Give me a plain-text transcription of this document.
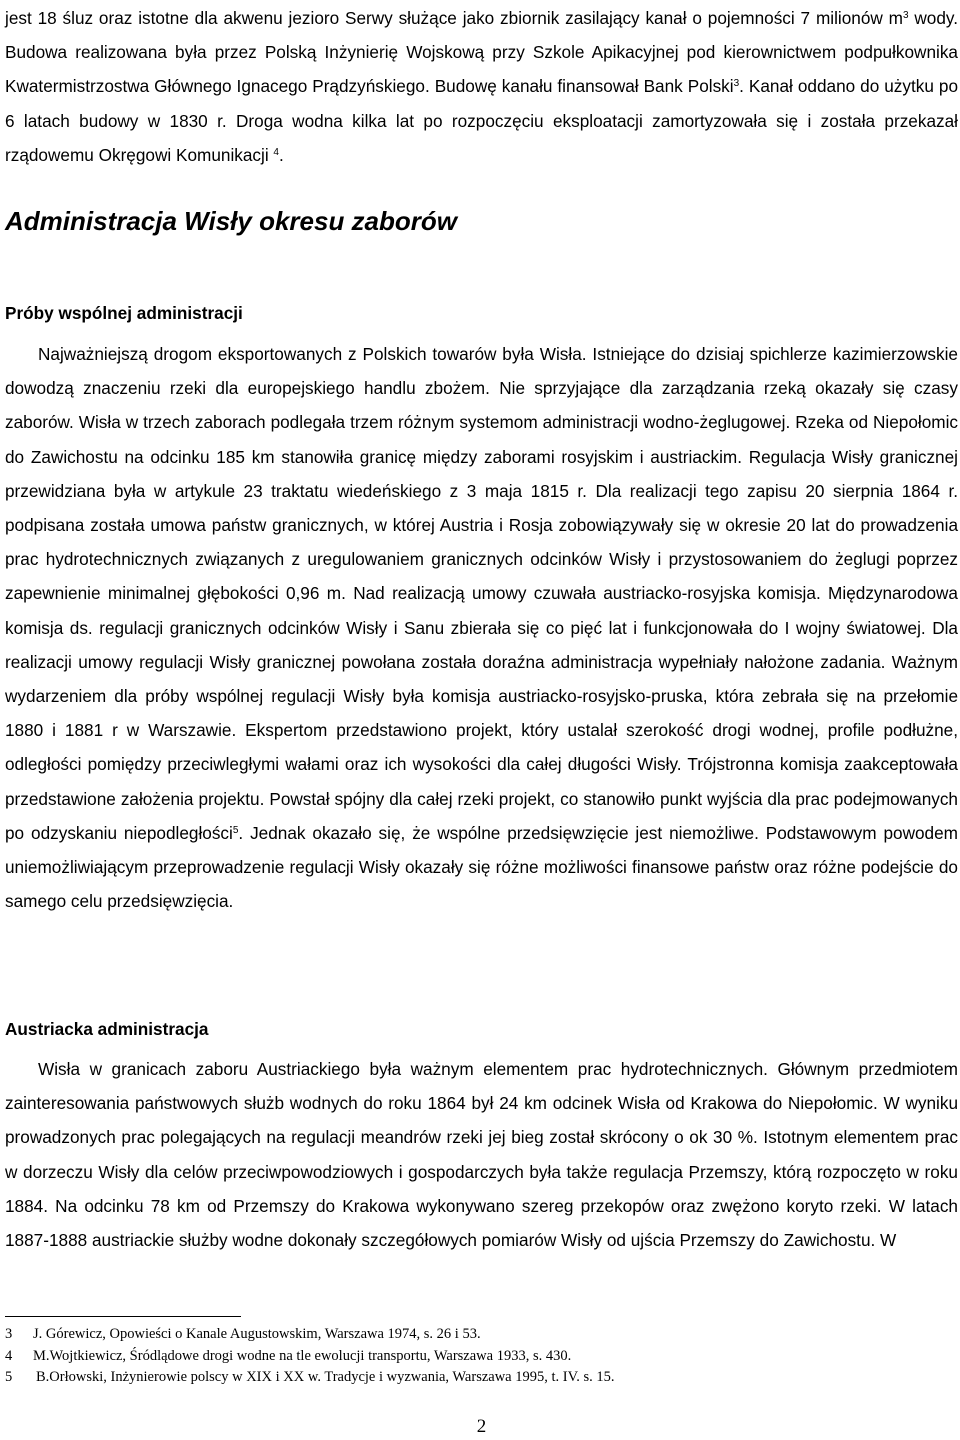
jest 18 śluz oraz istotne dla akwenu jezioro Serwy służące jako zbiornik zasilający kanał o pojemności 7 milionów $m^3$ wody. Budowa realizowana była przez Polską Inżynierię Wojskową przy Szkole Apikacyjnej pod kierownictwem podpułkownika Kwatermistrzostwa Głównego Ignacego Prądzyńskiego. Budowę kanału finansował Bank Polski$^3$. Kanał oddano do użytku po 6 latach budowy w 1830 r. Droga wodna kilka lat po rozpoczęciu eksploatacji zamortyzowała się i została przekazał rządowemu Okręgowi Komunikacji $^4$.

Administracja Wisły okresu zaborów
Próby wspólnej administracji

Najważniejszą drogom eksportowanych z Polskich towarów była Wisła. Istniejące do dzisiaj spichlerze kazimierzowskie dowodzą znaczeniu rzeki dla europejskiego handlu zbożem. Nie sprzyjające dla zarządzania rzeką okazały się czasy zaborów. Wisła w trzech zaborach podlegała trzem różnym systemom administracji wodno-żeglugowej. Rzeka od Niepołomic do Zawichostu na odcinku 185 km stanowiła granicę między zaborami rosyjskim i austriackim. Regulacja Wisły granicznej przewidziana była w artykule 23 traktatu wiedeńskiego z 3 maja 1815 r. Dla realizacji tego zapisu 20 sierpnia 1864 r. podpisana została umowa państw granicznych, w której Austria i Rosja zobowiązywały się w okresie 20 lat do prowadzenia prac hydrotechnicznych związanych z uregulowaniem granicznych odcinków Wisły i przystosowaniem do żeglugi poprzez zapewnienie minimalnej głębokości 0,96 m. Nad realizacją umowy czuwała austriacko-rosyjska komisja. Międzynarodowa komisja ds. regulacji granicznych odcinków Wisły i Sanu zbierała się co pięć lat i funkcjonowała do I wojny światowej. Dla realizacji umowy regulacji Wisły granicznej powołana została doraźna administracja wypełniały nałożone zadania. Ważnym wydarzeniem dla próby wspólnej regulacji Wisły była komisja austriacko-rosyjsko-pruska, która zebrała się na przełomie 1880 i 1881 r w Warszawie. Ekspertom przedstawiono projekt, który ustalał szerokość drogi wodnej, profile podłużne, odległości pomiędzy przeciwległymi wałami oraz ich wysokości dla całej długości Wisły. Trójstronna komisja zaakceptowała przedstawione założenia projektu. Powstał spójny dla całej rzeki projekt, co stanowiło punkt wyjścia dla prac podejmowanych po odzyskaniu niepodległości$^5$. Jednak okazało się, że wspólne przedsięwzięcie jest niemożliwe. Podstawowym powodem uniemożliwiającym przeprowadzenie regulacji Wisły okazały się różne możliwości finansowe państw oraz różne podejście do samego celu przedsięwzięcia.

Austriacka administracja

Wisła w granicach zaboru Austriackiego była ważnym elementem prac hydrotechnicznych. Głównym przedmiotem zainteresowania państwowych służb wodnych do roku 1864 był 24 km odcinek Wisła od Krakowa do Niepołomic. W wyniku prowadzonych prac polegających na regulacji meandrów rzeki jej bieg został skrócony o ok 30 %. Istotnym elementem prac w dorzeczu Wisły dla celów przeciwpowodziowych i gospodarczych była także regulacja Przemszy, którą rozpoczęto w roku 1884. Na odcinku 78 km od Przemszy do Krakowa wykonywano szereg przekopów oraz zwężono koryto rzeki. W latach 1887-1888 austriackie służby wodne dokonały szczegółowych pomiarów Wisły od ujścia Przemszy do Zawichostu. W

3	J. Górewicz, Opowieści o Kanale Augustowskim, Warszawa 1974, s. 26 i 53.
4	M.Wojtkiewicz, Śródlądowe drogi wodne na tle ewolucji transportu, Warszawa 1933, s. 430.
5	B.Orłowski, Inżynierowie polscy w XIX i XX w. Tradycje i wyzwania, Warszawa 1995, t. IV. s. 15.
2
